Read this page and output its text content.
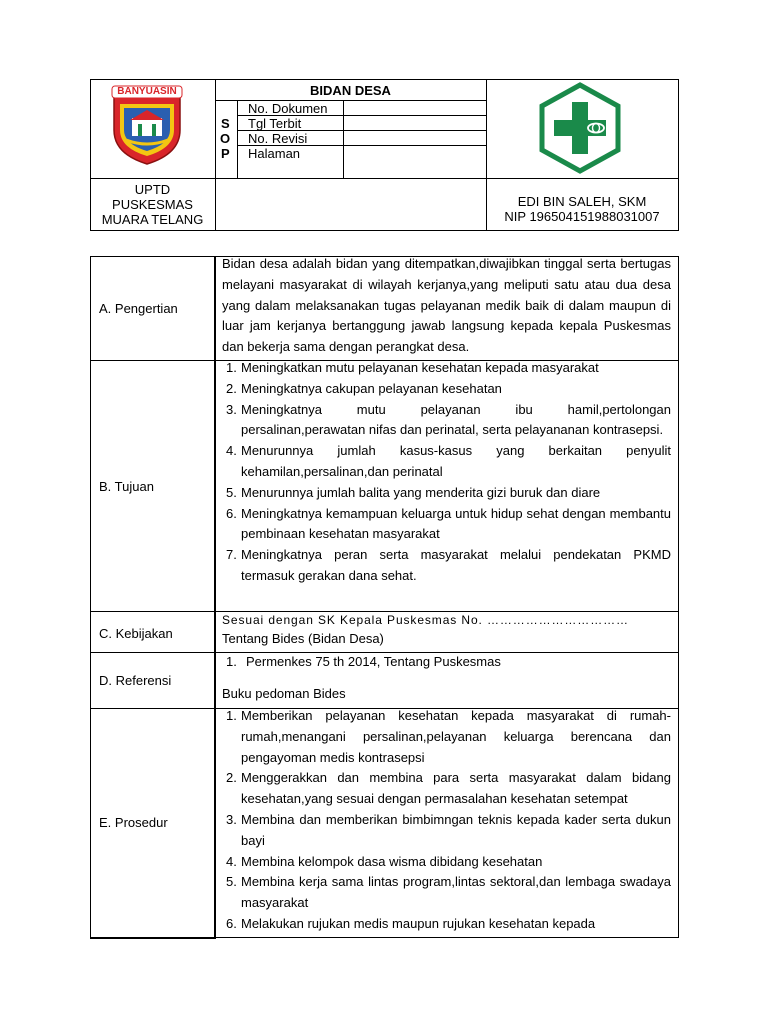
BANYUASIN	BIDAN DESA
S
O
P
No. Dokumen
Tgl Terbit
No. Revisi
Halaman
UPTD
PUSKESMAS
MUARA TELANG
EDI BIN SALEH, SKM
NIP 196504151988031007
A. Pengertian
Bidan desa adalah bidan yang ditempatkan,diwajibkan tinggal serta bertugas melayani masyarakat di wilayah kerjanya,yang meliputi satu atau dua desa yang dalam melaksanakan tugas pelayanan medik baik di dalam maupun di luar jam kerjanya bertanggung jawab langsung kepada kepala Puskesmas dan bekerja sama dengan perangkat desa.
B. Tujuan
1. Meningkatkan mutu pelayanan kesehatan kepada masyarakat
2. Meningkatnya cakupan pelayanan kesehatan
3. Meningkatnya mutu pelayanan ibu hamil,pertolongan persalinan,perawatan nifas dan perinatal, serta pelayananan kontrasepsi.
4. Menurunnya jumlah kasus-kasus yang berkaitan penyulit kehamilan,persalinan,dan perinatal
5. Menurunnya jumlah balita yang menderita gizi buruk dan diare
6. Meningkatnya kemampuan keluarga untuk hidup sehat dengan membantu pembinaan kesehatan masyarakat
7. Meningkatnya peran serta masyarakat melalui pendekatan PKMD termasuk gerakan dana sehat.
C. Kebijakan
Sesuai dengan SK Kepala Puskesmas No. ……………………………
Tentang Bides (Bidan Desa)
D. Referensi
1. Permenkes 75 th 2014, Tentang Puskesmas
Buku pedoman Bides
E. Prosedur
1. Memberikan pelayanan kesehatan kepada masyarakat di rumah-rumah,menangani persalinan,pelayanan keluarga berencana dan pengayoman medis kontrasepsi
2. Menggerakkan dan membina para serta masyarakat dalam bidang kesehatan,yang sesuai dengan permasalahan kesehatan setempat
3. Membina dan memberikan bimbimngan teknis kepada kader serta dukun bayi
4. Membina kelompok dasa wisma dibidang kesehatan
5. Membina kerja sama lintas program,lintas sektoral,dan lembaga swadaya masyarakat
6. Melakukan rujukan medis maupun rujukan kesehatan kepada
